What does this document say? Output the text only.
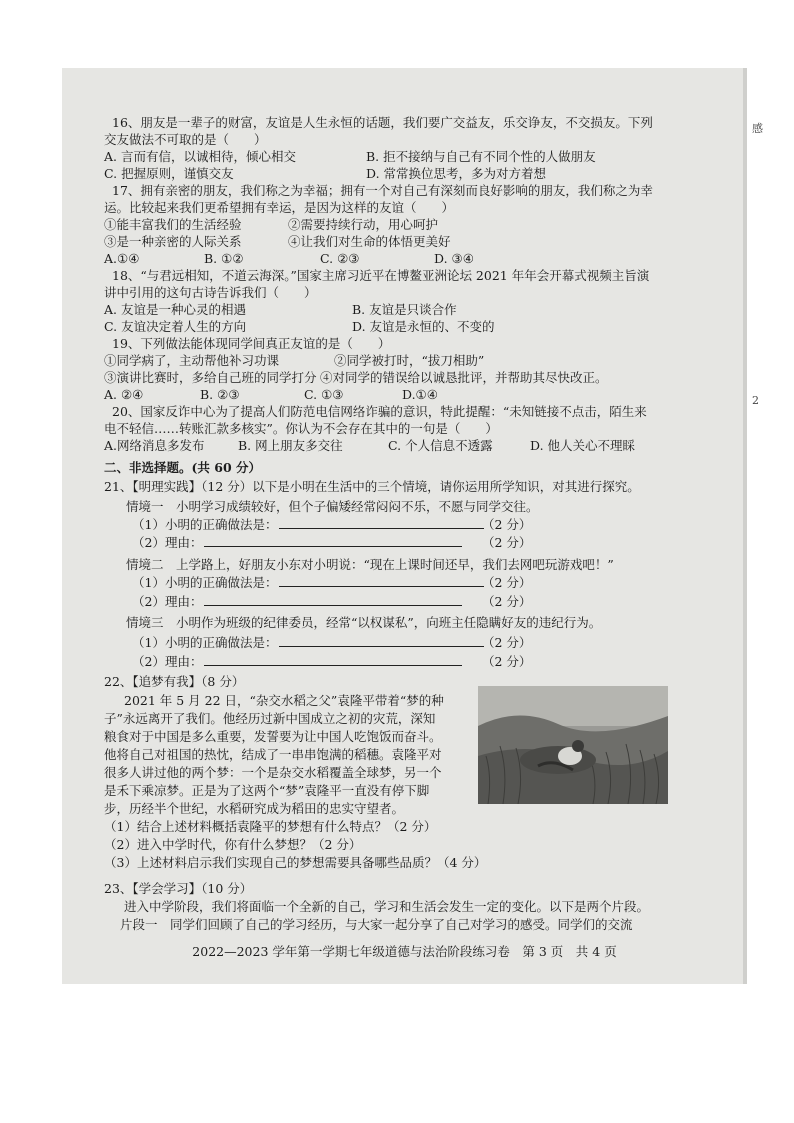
16、朋友是一辈子的财富，友谊是人生永恒的话题，我们要广交益友，乐交诤友，不交损友。下列
交友做法不可取的是（　　）
A. 言而有信，以诚相待，倾心相交	B. 拒不接纳与自己有不同个性的人做朋友
C. 把握原则，谨慎交友	D. 常常换位思考，多为对方着想
17、拥有亲密的朋友，我们称之为幸福；拥有一个对自己有深刻而良好影响的朋友，我们称之为幸
运。比较起来我们更希望拥有幸运，是因为这样的友谊（　　）
①能丰富我们的生活经验	②需要持续行动，用心呵护
③是一种亲密的人际关系	④让我们对生命的体悟更美好
A.①④	B. ①②	C. ②③	D. ③④
18、“与君远相知，不道云海深。”国家主席习近平在博鳌亚洲论坛 2021 年年会开幕式视频主旨演
讲中引用的这句古诗告诉我们（　　）
A. 友谊是一种心灵的相遇	B. 友谊是只谈合作
C. 友谊决定着人生的方向	D. 友谊是永恒的、不变的
19、下列做法能体现同学间真正友谊的是（　　）
①同学病了，主动帮他补习功课	②同学被打时，“拔刀相助”
③演讲比赛时，多给自己班的同学打分 ④对同学的错误给以诚恳批评，并帮助其尽快改正。
A. ②④	B. ②③	C. ①③	D.①④
20、国家反诈中心为了提高人们防范电信网络诈骗的意识，特此提醒：“未知链接不点击，陌生来
电不轻信……转账汇款多核实”。你认为不会存在其中的一句是（　　）
A.网络消息多发布	B. 网上朋友多交往	C. 个人信息不透露	D. 他人关心不理睬
二、非选择题。(共 60 分）
21、【明理实践】（12 分）以下是小明在生活中的三个情境，请你运用所学知识，对其进行探究。
情境一　小明学习成绩较好，但个子偏矮经常闷闷不乐，不愿与同学交往。
（1）小明的正确做法是：	（2 分）
（2）理由：	（2 分）
情境二　上学路上，好朋友小东对小明说：“现在上课时间还早，我们去网吧玩游戏吧！”
（1）小明的正确做法是：	（2 分）
（2）理由：	（2 分）
情境三　小明作为班级的纪律委员，经常“以权谋私”，向班主任隐瞒好友的违纪行为。
（1）小明的正确做法是：	（2 分）
（2）理由：	（2 分）
22、【追梦有我】（8 分）
2021 年 5 月 22 日，“杂交水稻之父”袁隆平带着“梦的种
子”永远离开了我们。他经历过新中国成立之初的灾荒，深知
粮食对于中国是多么重要，发誓要为让中国人吃饱饭而奋斗。
他将自己对祖国的热忱，结成了一串串饱满的稻穗。袁隆平对
很多人讲过他的两个梦：一个是杂交水稻覆盖全球梦，另一个
是禾下乘凉梦。正是为了这两个“梦”袁隆平一直没有停下脚
步，历经半个世纪，水稻研究成为稻田的忠实守望者。
（1）结合上述材料概括袁隆平的梦想有什么特点？（2 分）
（2）进入中学时代，你有什么梦想？（2 分）
（3）上述材料启示我们实现自己的梦想需要具备哪些品质？（4 分）
23、【学会学习】（10 分）
进入中学阶段，我们将面临一个全新的自己，学习和生活会发生一定的变化。以下是两个片段。
片段一　同学们回顾了自己的学习经历，与大家一起分享了自己对学习的感受。同学们的交流
2022—2023 学年第一学期七年级道德与法治阶段练习卷　第 3 页　共 4 页
感
2
